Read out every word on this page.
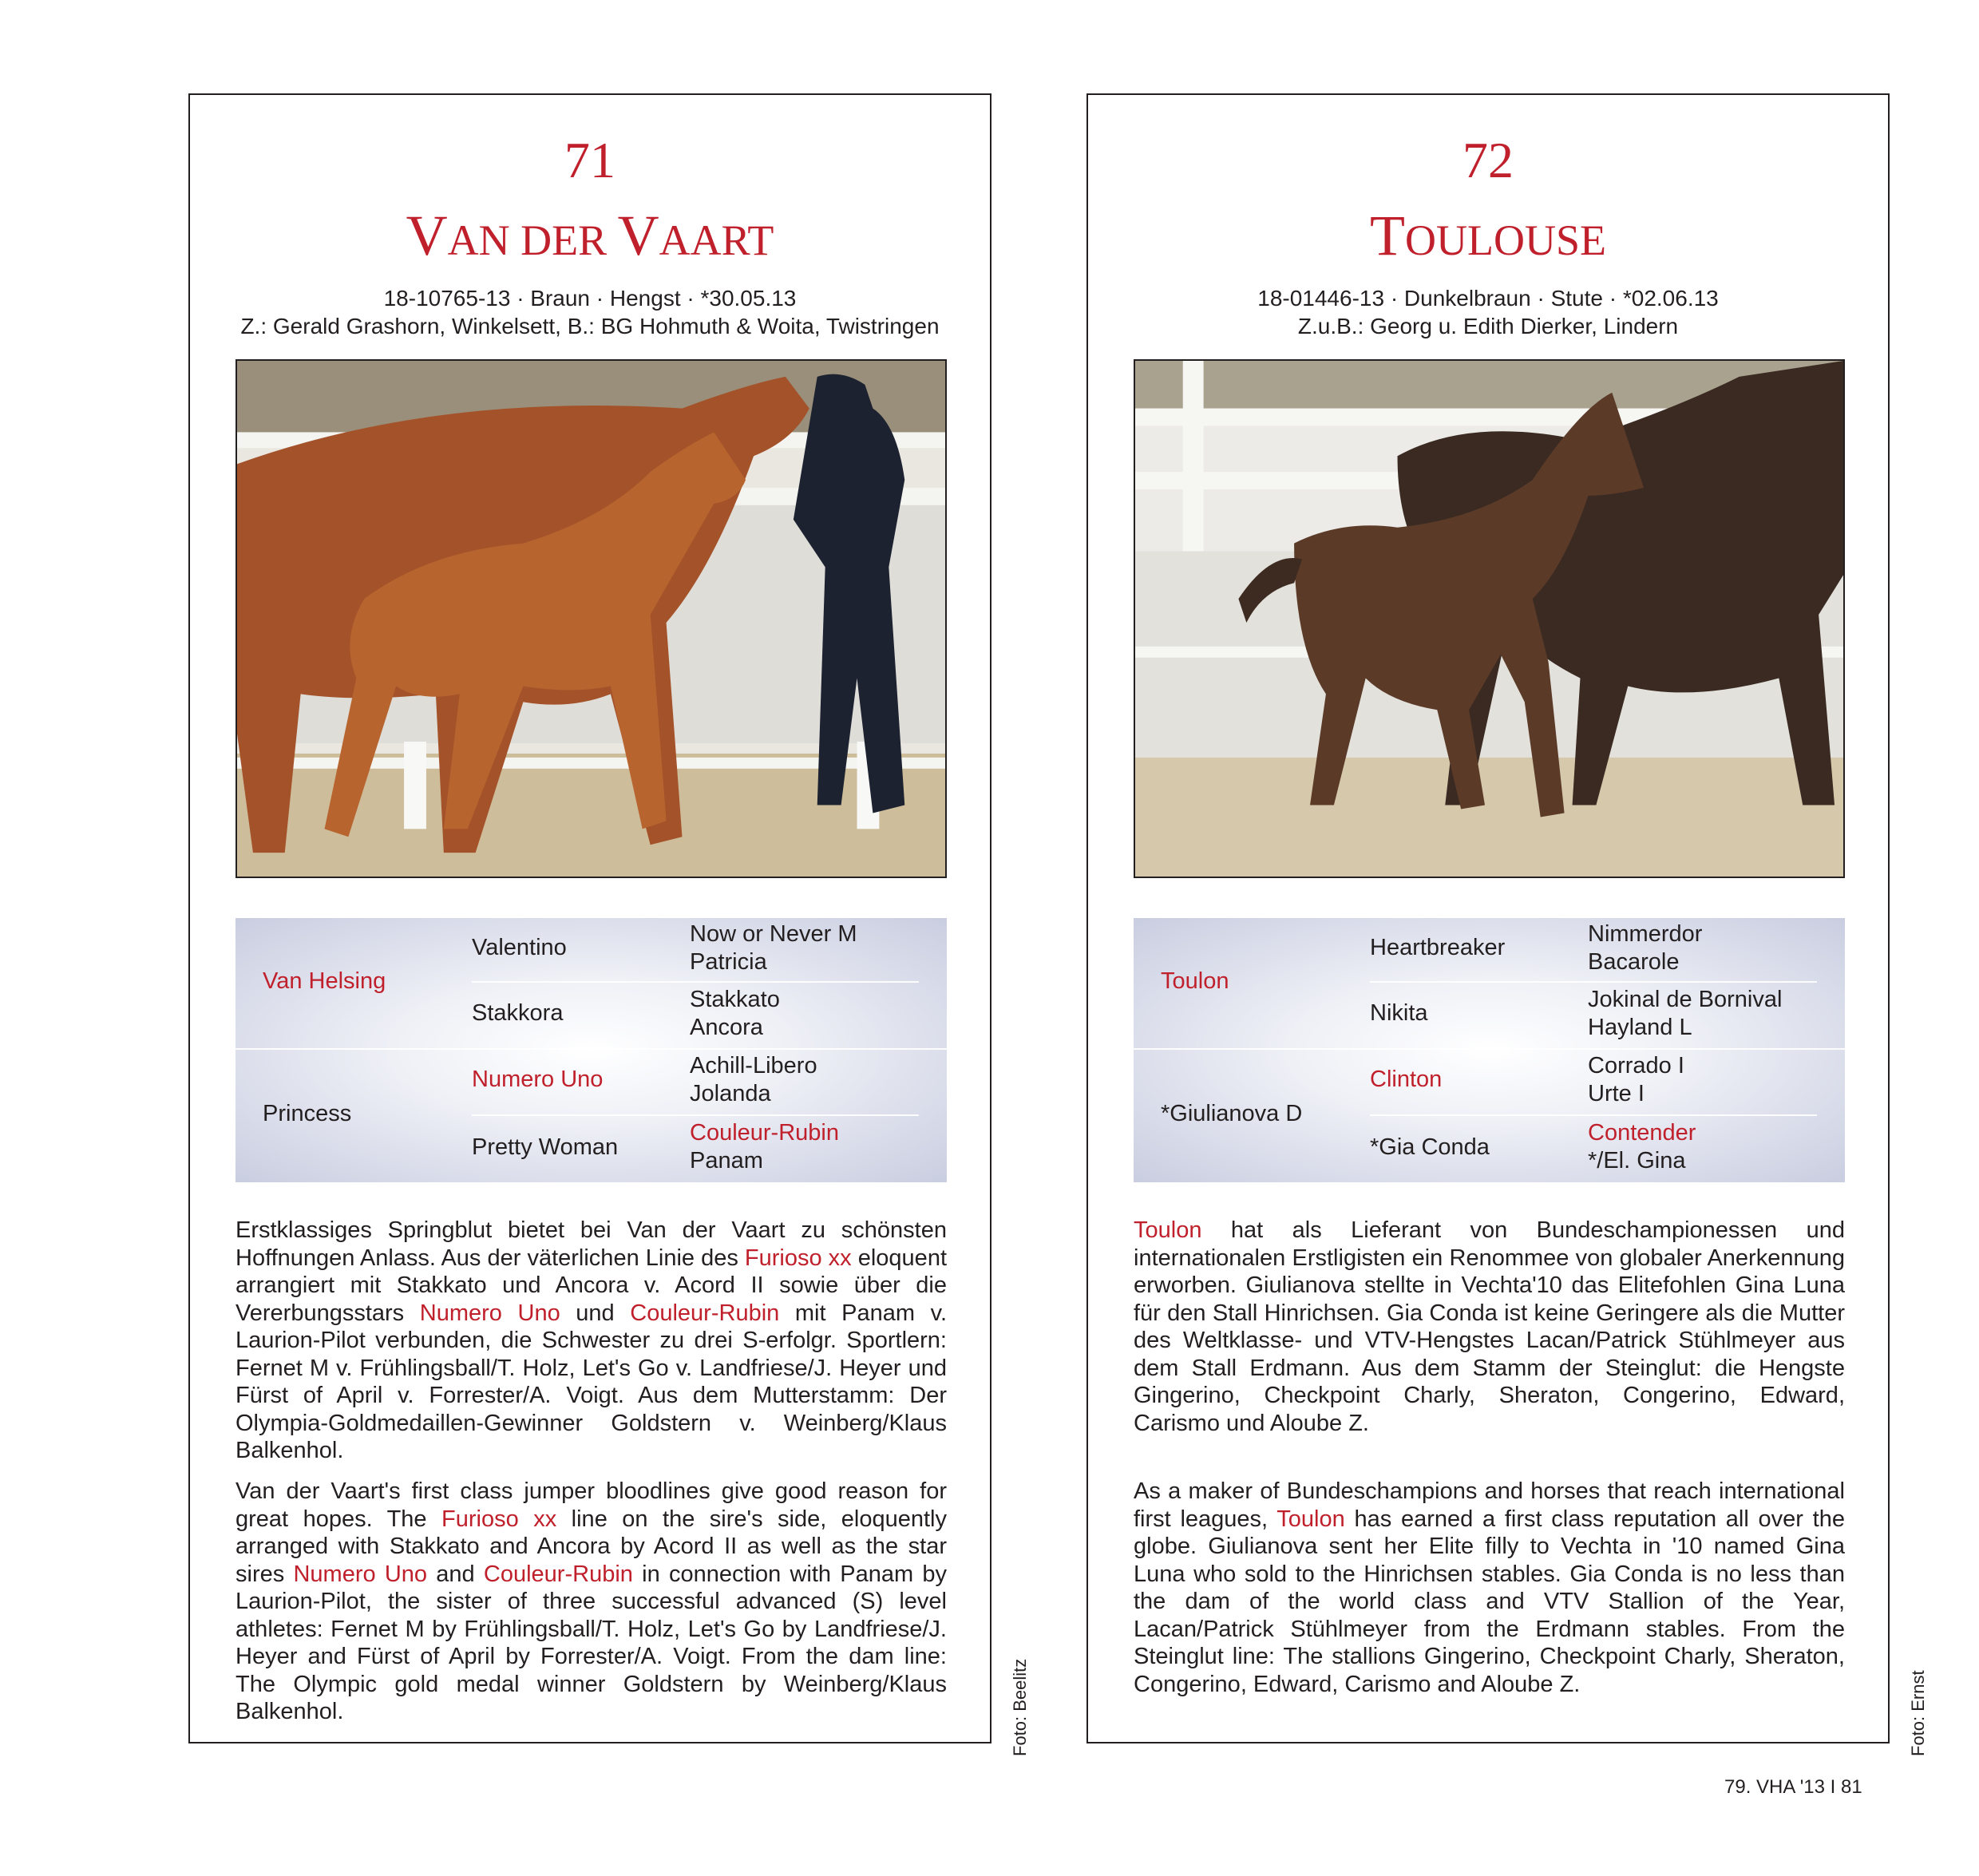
71
VAN DER VAART
18-10765-13 · Braun · Hengst · *30.05.13
Z.: Gerald Grashorn, Winkelsett, B.: BG Hohmuth & Woita, Twistringen
Van Helsing
Princess
Valentino
Stakkora
Numero Uno
Pretty Woman
Now or Never M
Patricia
Stakkato
Ancora
Achill-Libero
Jolanda
Couleur-Rubin
Panam

Erstklassiges Springblut bietet bei Van der Vaart zu schönsten Hoffnungen Anlass. Aus der väterlichen Linie des Furioso xx eloquent arrangiert mit Stakkato und Ancora v. Acord II sowie über die Vererbungsstars Numero Uno und Couleur-Rubin mit Panam v. Laurion-Pilot verbunden, die Schwester zu drei S-erfolgr. Sportlern: Fernet M v. Frühlingsball/T. Holz, Let's Go v. Landfriese/J. Heyer und Fürst of April v. Forrester/A. Voigt. Aus dem Mutterstamm: Der Olympia-Goldmedaillen-Gewinner Goldstern v. Weinberg/Klaus Balkenhol.

Van der Vaart's first class jumper bloodlines give good reason for great hopes. The Furioso xx line on the sire's side, eloquently arranged with Stakkato and Ancora by Acord II as well as the star sires Numero Uno and Couleur-Rubin in connection with Panam by Laurion-Pilot, the sister of three successful advanced (S) level athletes: Fernet M by Frühlingsball/T. Holz, Let's Go by Landfriese/J. Heyer and Fürst of April by Forrester/A. Voigt. From the dam line: The Olympic gold medal winner Goldstern by Weinberg/Klaus Balkenhol.

72
TOULOUSE
18-01446-13 · Dunkelbraun · Stute · *02.06.13
Z.u.B.: Georg u. Edith Dierker, Lindern
Toulon
*Giulianova D
Heartbreaker
Nikita
Clinton
*Gia Conda
Nimmerdor
Bacarole
Jokinal de Bornival
Hayland L
Corrado I
Urte I
Contender
*/El. Gina

Toulon hat als Lieferant von Bundeschampionessen und internationalen Erstligisten ein Renommee von globaler Anerkennung erworben. Giulianova stellte in Vechta'10 das Elitefohlen Gina Luna für den Stall Hinrichsen. Gia Conda ist keine Geringere als die Mutter des Weltklasse- und VTV-Hengstes Lacan/Patrick Stühlmeyer aus dem Stall Erdmann. Aus dem Stamm der Steinglut: die Hengste Gingerino, Checkpoint Charly, Sheraton, Congerino, Edward, Carismo und Aloube Z.

As a maker of Bundeschampions and horses that reach international first leagues, Toulon has earned a first class reputation all over the globe. Giulianova sent her Elite filly to Vechta in '10 named Gina Luna who sold to the Hinrichsen stables. Gia Conda is no less than the dam of the world class and VTV Stallion of the Year, Lacan/Patrick Stühlmeyer from the Erdmann stables. From the Steinglut line: The stallions Gingerino, Checkpoint Charly, Sheraton, Congerino, Edward, Carismo and Aloube Z.

Foto: Beelitz	Foto: Ernst
79. VHA '13 I 81
